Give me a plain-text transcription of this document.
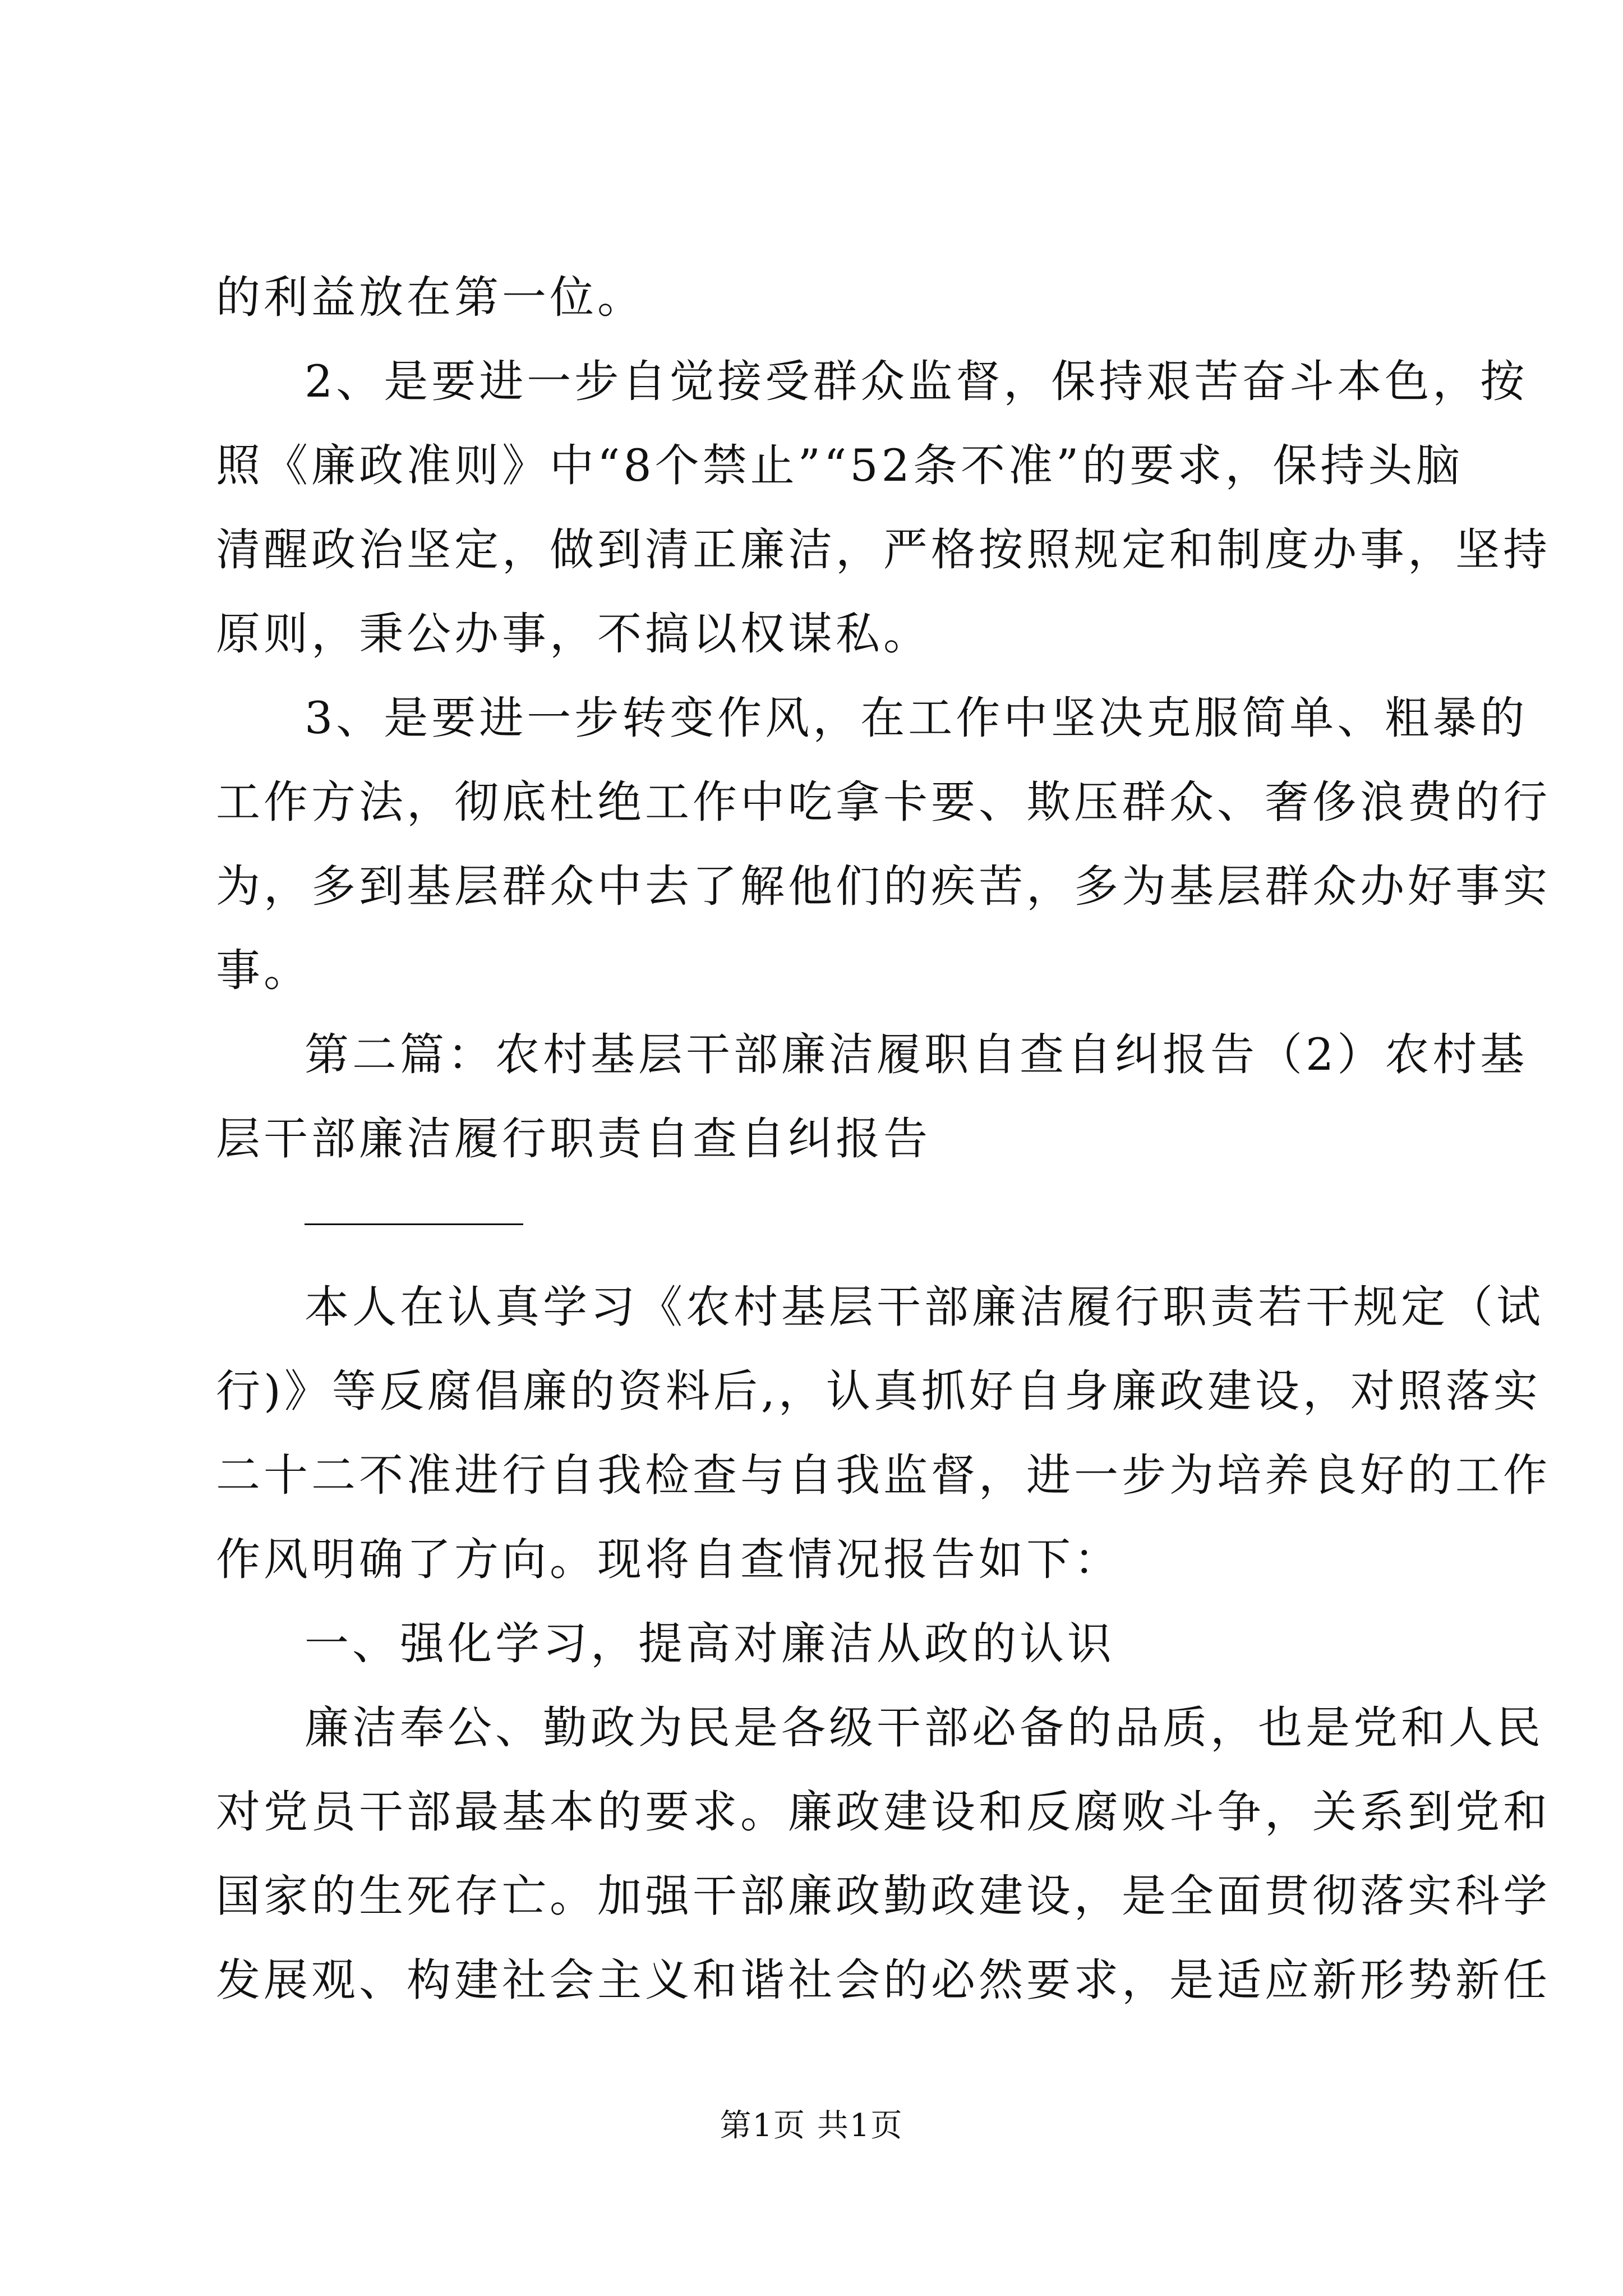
的利益放在第一位。
2、是要进一步自觉接受群众监督，保持艰苦奋斗本色，按
照《廉政准则》中“8个禁止”“52条不准”的要求，保持头脑
清醒政治坚定，做到清正廉洁，严格按照规定和制度办事，坚持
原则，秉公办事，不搞以权谋私。
3、是要进一步转变作风，在工作中坚决克服简单、粗暴的
工作方法，彻底杜绝工作中吃拿卡要、欺压群众、奢侈浪费的行
为，多到基层群众中去了解他们的疾苦，多为基层群众办好事实
事。
第二篇：农村基层干部廉洁履职自查自纠报告（2）农村基
层干部廉洁履行职责自查自纠报告
本人在认真学习《农村基层干部廉洁履行职责若干规定（试
行)》等反腐倡廉的资料后,，认真抓好自身廉政建设，对照落实
二十二不准进行自我检查与自我监督，进一步为培养良好的工作
作风明确了方向。现将自查情况报告如下：
一、强化学习，提高对廉洁从政的认识
廉洁奉公、勤政为民是各级干部必备的品质，也是党和人民
对党员干部最基本的要求。廉政建设和反腐败斗争，关系到党和
国家的生死存亡。加强干部廉政勤政建设，是全面贯彻落实科学
发展观、构建社会主义和谐社会的必然要求，是适应新形势新任
第1页 共1页
